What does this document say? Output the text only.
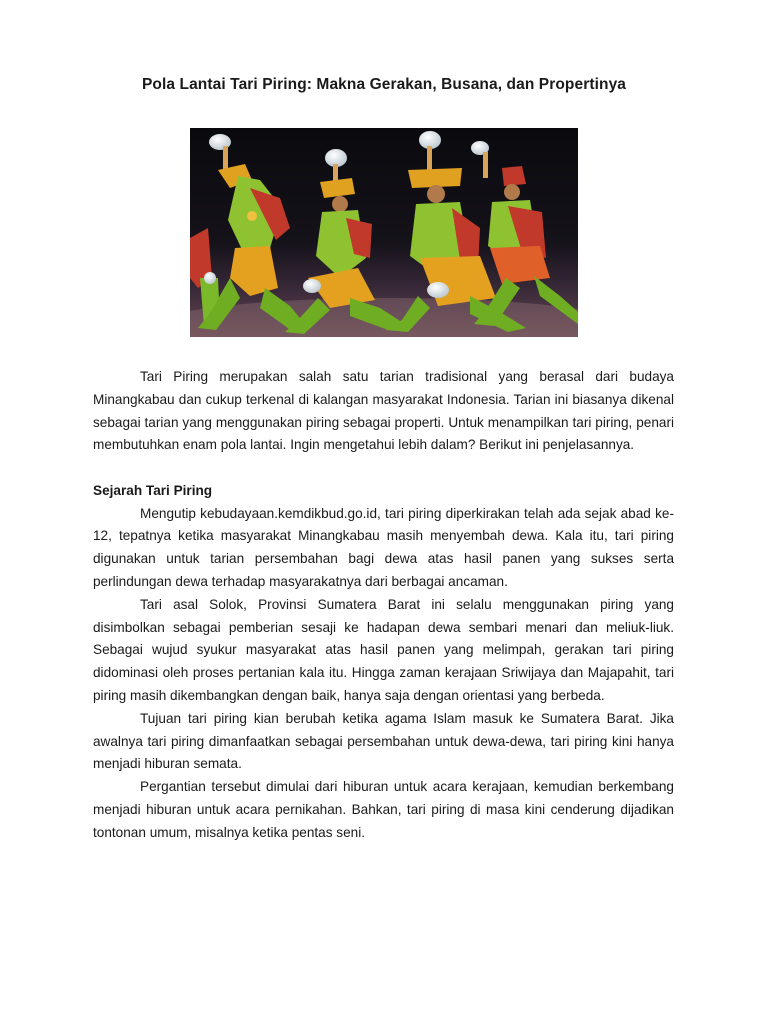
Pola Lantai Tari Piring: Makna Gerakan, Busana, dan Propertinya

Tari Piring merupakan salah satu tarian tradisional yang berasal dari budaya Minangkabau dan cukup terkenal di kalangan masyarakat Indonesia. Tarian ini biasanya dikenal sebagai tarian yang menggunakan piring sebagai properti. Untuk menampilkan tari piring, penari membutuhkan enam pola lantai. Ingin mengetahui lebih dalam? Berikut ini penjelasannya.

Sejarah Tari Piring

Mengutip kebudayaan.kemdikbud.go.id, tari piring diperkirakan telah ada sejak abad ke-12, tepatnya ketika masyarakat Minangkabau masih menyembah dewa. Kala itu, tari piring digunakan untuk tarian persembahan bagi dewa atas hasil panen yang sukses serta perlindungan dewa terhadap masyarakatnya dari berbagai ancaman.

Tari asal Solok, Provinsi Sumatera Barat ini selalu menggunakan piring yang disimbolkan sebagai pemberian sesaji ke hadapan dewa sembari menari dan meliuk-liuk. Sebagai wujud syukur masyarakat atas hasil panen yang melimpah, gerakan tari piring didominasi oleh proses pertanian kala itu. Hingga zaman kerajaan Sriwijaya dan Majapahit, tari piring masih dikembangkan dengan baik, hanya saja dengan orientasi yang berbeda.

Tujuan tari piring kian berubah ketika agama Islam masuk ke Sumatera Barat. Jika awalnya tari piring dimanfaatkan sebagai persembahan untuk dewa-dewa, tari piring kini hanya menjadi hiburan semata.

Pergantian tersebut dimulai dari hiburan untuk acara kerajaan, kemudian berkembang menjadi hiburan untuk acara pernikahan. Bahkan, tari piring di masa kini cenderung dijadikan tontonan umum, misalnya ketika pentas seni.
